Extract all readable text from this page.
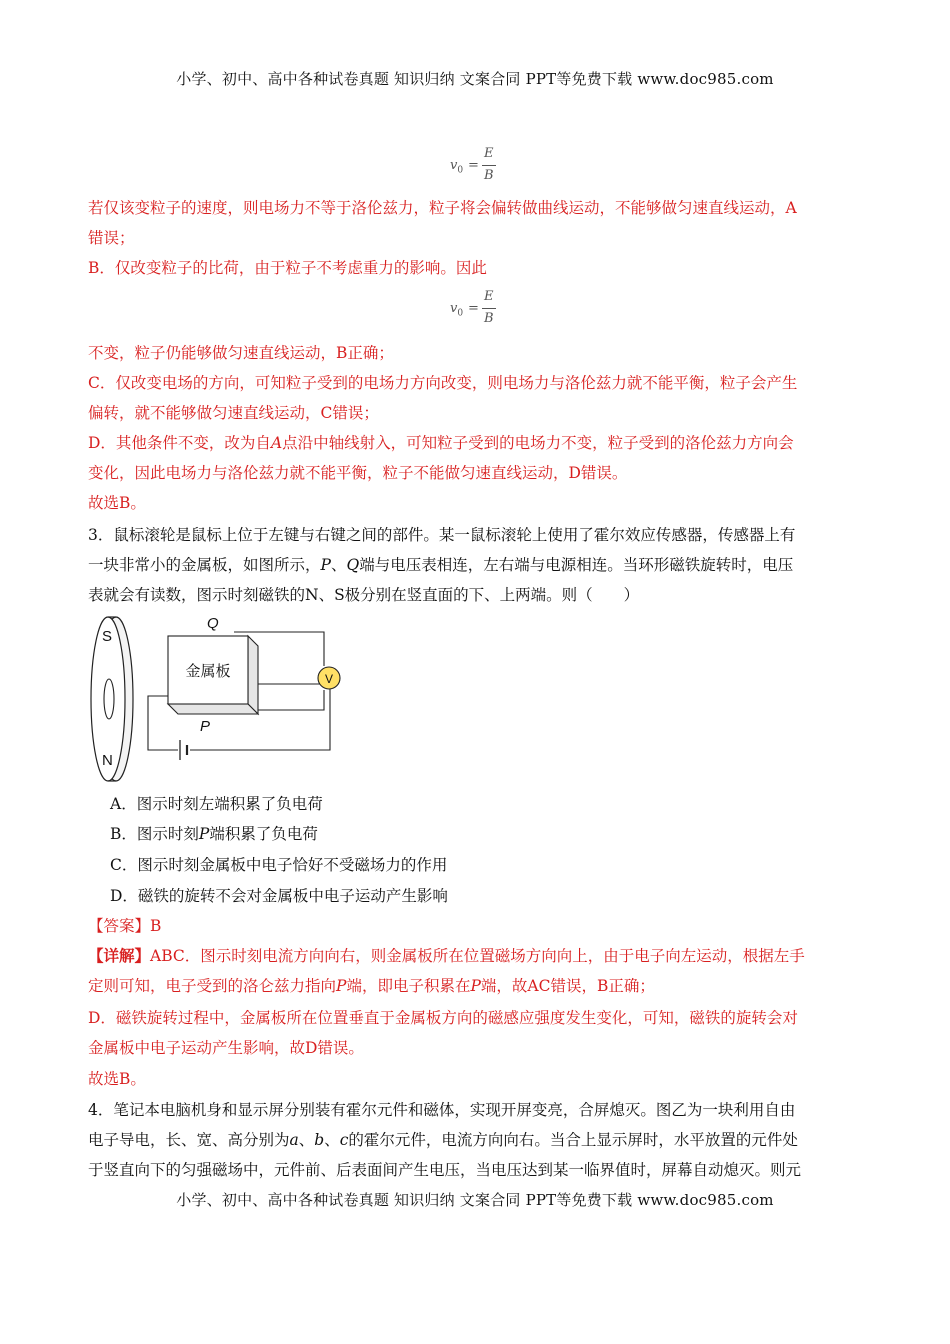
小学、初中、高中各种试卷真题 知识归纳 文案合同 PPT等免费下载 www.doc985.com
$v_0$ =
E
B
若仅该变粒子的速度，则电场力不等于洛伦兹力，粒子将会偏转做曲线运动，不能够做匀速直线运动，A
错误；
B．仅改变粒子的比荷，由于粒子不考虑重力的影响。因此
$v_0$ =
E
B
不变，粒子仍能够做匀速直线运动，B正确；
C．仅改变电场的方向，可知粒子受到的电场力方向改变，则电场力与洛伦兹力就不能平衡，粒子会产生
偏转，就不能够做匀速直线运动，C错误；
D．其他条件不变，改为自A点沿中轴线射入，可知粒子受到的电场力不变，粒子受到的洛伦兹力方向会
变化，因此电场力与洛伦兹力就不能平衡，粒子不能做匀速直线运动，D错误。
故选B。
3．鼠标滚轮是鼠标上位于左键与右键之间的部件。某一鼠标滚轮上使用了霍尔效应传感器，传感器上有
一块非常小的金属板，如图所示，P、Q端与电压表相连，左右端与电源相连。当环形磁铁旋转时，电压
表就会有读数，图示时刻磁铁的N、S极分别在竖直面的下、上两端。则（　　）
S
N
金属板
Q
P
V
A．图示时刻左端积累了负电荷
B．图示时刻P端积累了负电荷
C．图示时刻金属板中电子恰好不受磁场力的作用
D．磁铁的旋转不会对金属板中电子运动产生影响
【答案】B
【详解】ABC．图示时刻电流方向向右，则金属板所在位置磁场方向向上，由于电子向左运动，根据左手
定则可知，电子受到的洛仑兹力指向P端，即电子积累在P端，故AC错误，B正确；
D．磁铁旋转过程中，金属板所在位置垂直于金属板方向的磁感应强度发生变化，可知，磁铁的旋转会对
金属板中电子运动产生影响，故D错误。
故选B。
4．笔记本电脑机身和显示屏分别装有霍尔元件和磁体，实现开屏变亮，合屏熄灭。图乙为一块利用自由
电子导电，长、宽、高分别为a、b、c的霍尔元件，电流方向向右。当合上显示屏时，水平放置的元件处
于竖直向下的匀强磁场中，元件前、后表面间产生电压，当电压达到某一临界值时，屏幕自动熄灭。则元
小学、初中、高中各种试卷真题 知识归纳 文案合同 PPT等免费下载 www.doc985.com
